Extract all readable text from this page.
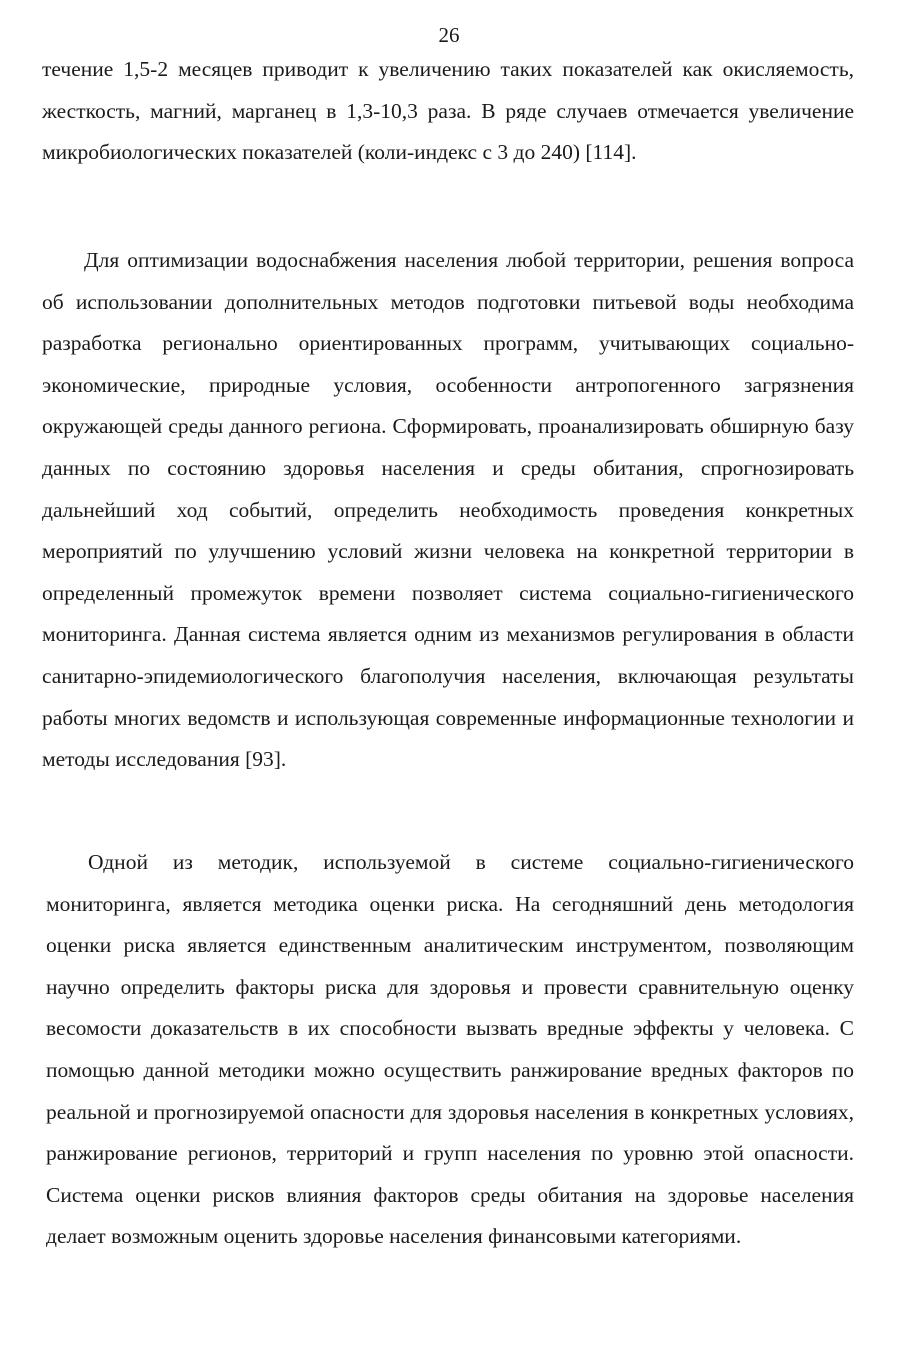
26

течение 1,5-2 месяцев приводит к увеличению таких показателей как окисляемость, жесткость, магний, марганец в 1,3-10,3 раза. В ряде случаев отмечается увеличение микробиологических показателей (коли-индекс с 3 до 240) [114].

Для оптимизации водоснабжения населения любой территории, решения вопроса об использовании дополнительных методов подготовки питьевой воды необходима разработка регионально ориентированных программ, учитывающих социально-экономические, природные условия, особенности антропогенного загрязнения окружающей среды данного региона. Сформировать, проанализировать обширную базу данных по состоянию здоровья населения и среды обитания, спрогнозировать дальнейший ход событий, определить необходимость проведения конкретных мероприятий по улучшению условий жизни человека на конкретной территории в определенный промежуток времени позволяет система социально-гигиенического мониторинга. Данная система является одним из механизмов регулирования в области санитарно-эпидемиологического благополучия населения, включающая результаты работы многих ведомств и использующая современные информационные технологии и методы исследования [93].

Одной из методик, используемой в системе социально-гигиенического мониторинга, является методика оценки риска. На сегодняшний день методология оценки риска является единственным аналитическим инструментом, позволяющим научно определить факторы риска для здоровья и провести сравнительную оценку весомости доказательств в их способности вызвать вредные эффекты у человека. С помощью данной методики можно осуществить ранжирование вредных факторов по реальной и прогнозируемой опасности для здоровья населения в конкретных условиях, ранжирование регионов, территорий и групп населения по уровню этой опасности. Система оценки рисков влияния факторов среды обитания на здоровье населения делает возможным оценить здоровье населения финансовыми категориями.
